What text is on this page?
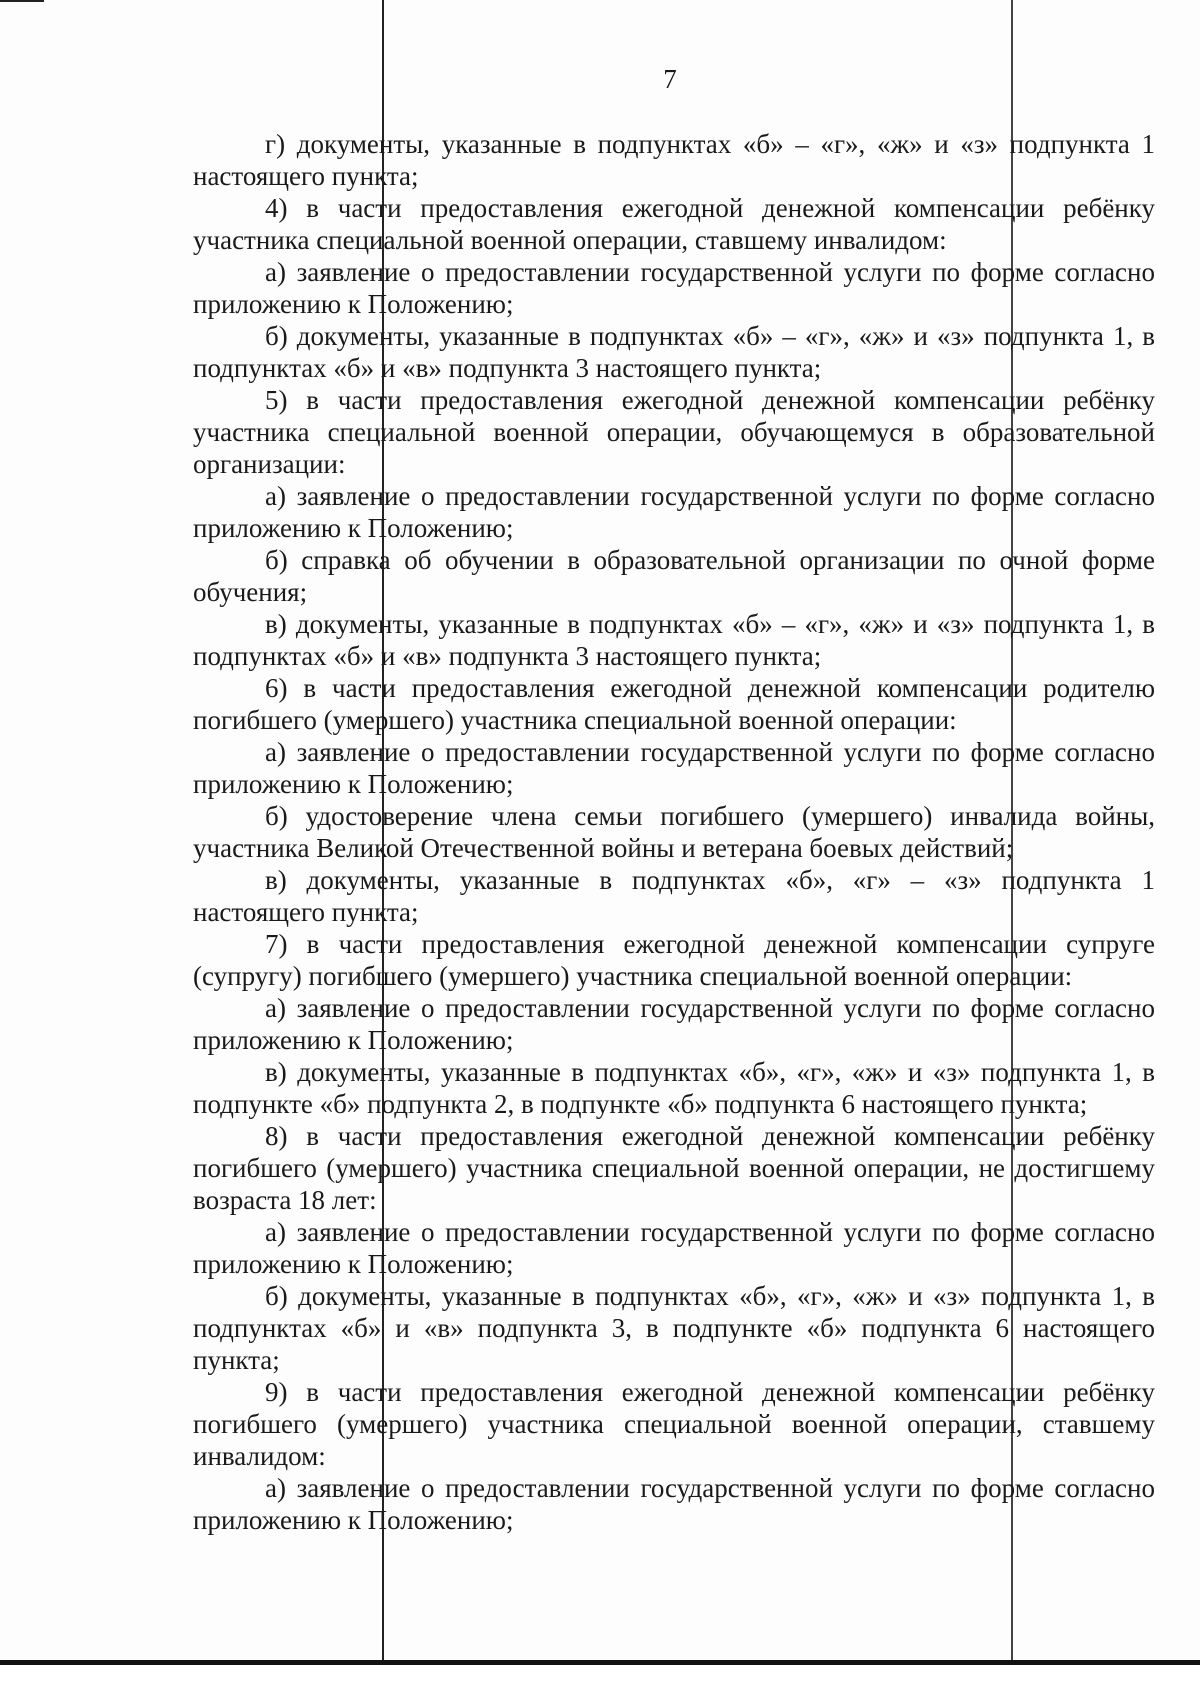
7

г) документы, указанные в подпунктах «б» – «г», «ж» и «з» подпункта 1 настоящего пункта;

4) в части предоставления ежегодной денежной компенсации ребёнку участника специальной военной операции, ставшему инвалидом:

а) заявление о предоставлении государственной услуги по форме согласно приложению к Положению;

б) документы, указанные в подпунктах «б» – «г», «ж» и «з» подпункта 1, в подпунктах «б» и «в» подпункта 3 настоящего пункта;

5) в части предоставления ежегодной денежной компенсации ребёнку участника специальной военной операции, обучающемуся в образовательной организации:

а) заявление о предоставлении государственной услуги по форме согласно приложению к Положению;

б) справка об обучении в образовательной организации по очной форме обучения;

в) документы, указанные в подпунктах «б» – «г», «ж» и «з» подпункта 1, в подпунктах «б» и «в» подпункта 3 настоящего пункта;

6) в части предоставления ежегодной денежной компенсации родителю погибшего (умершего) участника специальной военной операции:

а) заявление о предоставлении государственной услуги по форме согласно приложению к Положению;

б) удостоверение члена семьи погибшего (умершего) инвалида войны, участника Великой Отечественной войны и ветерана боевых действий;

в) документы, указанные в подпунктах «б», «г» – «з» подпункта 1 настоящего пункта;

7) в части предоставления ежегодной денежной компенсации супруге (супругу) погибшего (умершего) участника специальной военной операции:

а) заявление о предоставлении государственной услуги по форме согласно приложению к Положению;

в) документы, указанные в подпунктах «б», «г», «ж» и «з» подпункта 1, в подпункте «б» подпункта 2, в подпункте «б» подпункта 6 настоящего пункта;

8) в части предоставления ежегодной денежной компенсации ребёнку погибшего (умершего) участника специальной военной операции, не достигшему возраста 18 лет:

а) заявление о предоставлении государственной услуги по форме согласно приложению к Положению;

б) документы, указанные в подпунктах «б», «г», «ж» и «з» подпункта 1, в подпунктах «б» и «в» подпункта 3, в подпункте «б» подпункта 6 настоящего пункта;

9) в части предоставления ежегодной денежной компенсации ребёнку погибшего (умершего) участника специальной военной операции, ставшему инвалидом:

а) заявление о предоставлении государственной услуги по форме согласно приложению к Положению;
